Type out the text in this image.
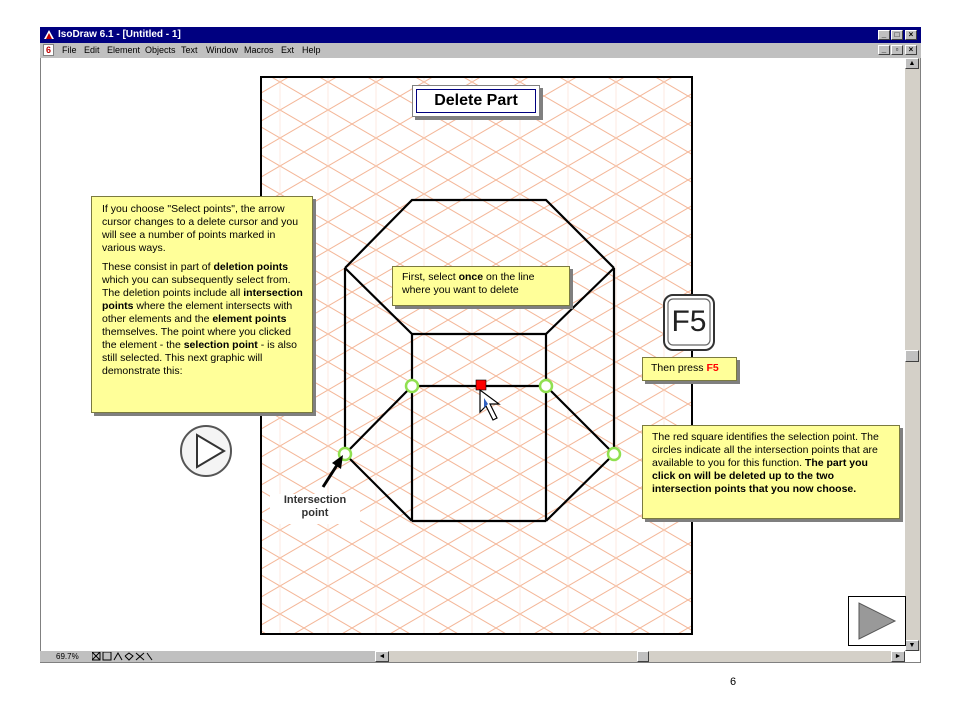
IsoDraw 6.1 - [Untitled - 1]	_	□	×
6	File Edit Element Objects Text Window Macros Ext Help	_	▫	×
▲
▼
69.7%	◄	►
Intersection point
Delete Part

If you choose "Select points", the arrow cursor changes to a delete cursor and you will see a number of points marked in various ways.

These consist in part of deletion points which you can subsequently select from. The deletion points include all intersection points where the element intersects with other elements and the element points themselves. The point where you clicked the element - the selection point - is also still selected. This next graphic will demonstrate this:

First, select once on the line where you want to delete
Then press F5
The red square identifies the selection point. The circles indicate all the intersection points that are available to you for this function. The part you click on will be deleted up to the two intersection points that you now choose.
F5
6
